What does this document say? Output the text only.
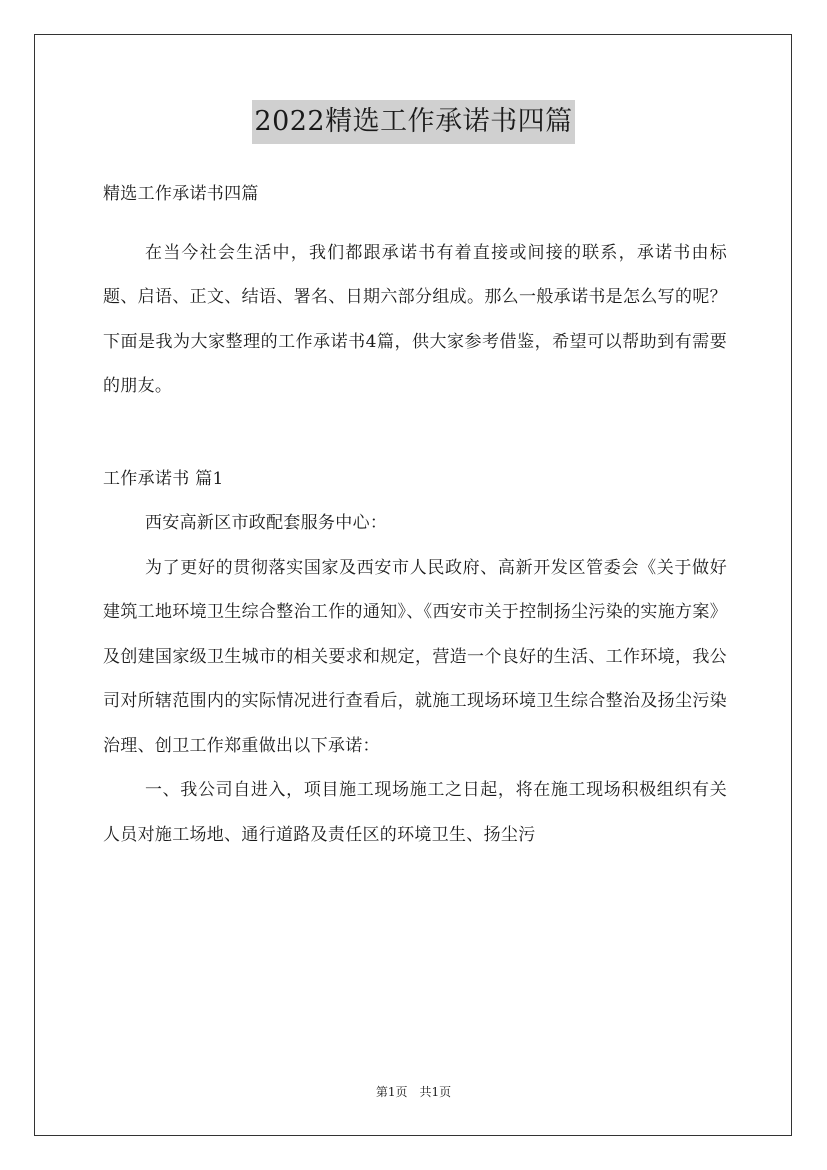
2022精选工作承诺书四篇

精选工作承诺书四篇

在当今社会生活中，我们都跟承诺书有着直接或间接的联系，承诺书由标题、启语、正文、结语、署名、日期六部分组成。那么一般承诺书是怎么写的呢？下面是我为大家整理的工作承诺书4篇，供大家参考借鉴，希望可以帮助到有需要的朋友。

工作承诺书 篇1

西安高新区市政配套服务中心：

为了更好的贯彻落实国家及西安市人民政府、高新开发区管委会《关于做好建筑工地环境卫生综合整治工作的通知》、《西安市关于控制扬尘污染的实施方案》及创建国家级卫生城市的相关要求和规定，营造一个良好的生活、工作环境，我公司对所辖范围内的实际情况进行查看后，就施工现场环境卫生综合整治及扬尘污染治理、创卫工作郑重做出以下承诺：

一、我公司自进入，项目施工现场施工之日起，将在施工现场积极组织有关人员对施工场地、通行道路及责任区的环境卫生、扬尘污

第1页　共1页
